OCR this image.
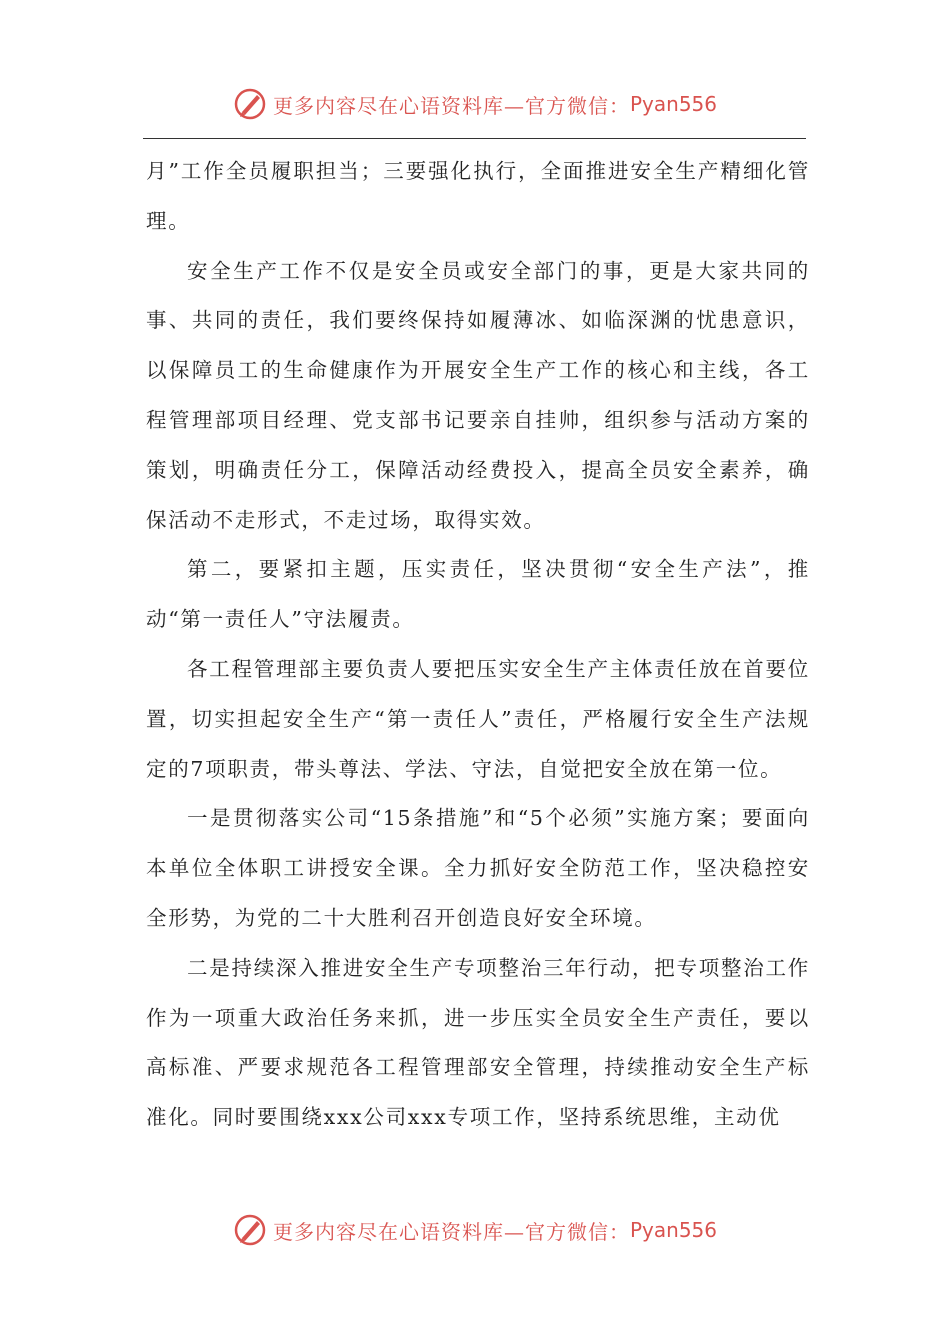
更多内容尽在心语资料库—官方微信： Pyan556

月”工作全员履职担当；三要强化执行，全面推进安全生产精细化管理。

安全生产工作不仅是安全员或安全部门的事，更是大家共同的事、共同的责任，我们要终保持如履薄冰、如临深渊的忧患意识，以保障员工的生命健康作为开展安全生产工作的核心和主线，各工程管理部项目经理、党支部书记要亲自挂帅，组织参与活动方案的策划，明确责任分工，保障活动经费投入，提高全员安全素养，确保活动不走形式，不走过场，取得实效。

第二，要紧扣主题，压实责任，坚决贯彻“安全生产法”，推动“第一责任人”守法履责。

各工程管理部主要负责人要把压实安全生产主体责任放在首要位置，切实担起安全生产“第一责任人”责任，严格履行安全生产法规定的7项职责，带头尊法、学法、守法，自觉把安全放在第一位。

一是贯彻落实公司“15条措施”和“5个必须”实施方案；要面向本单位全体职工讲授安全课。全力抓好安全防范工作，坚决稳控安全形势，为党的二十大胜利召开创造良好安全环境。

二是持续深入推进安全生产专项整治三年行动，把专项整治工作作为一项重大政治任务来抓，进一步压实全员安全生产责任，要以高标准、严要求规范各工程管理部安全管理，持续推动安全生产标准化。同时要围绕xxx公司xxx专项工作，坚持系统思维，主动优

更多内容尽在心语资料库—官方微信： Pyan556
